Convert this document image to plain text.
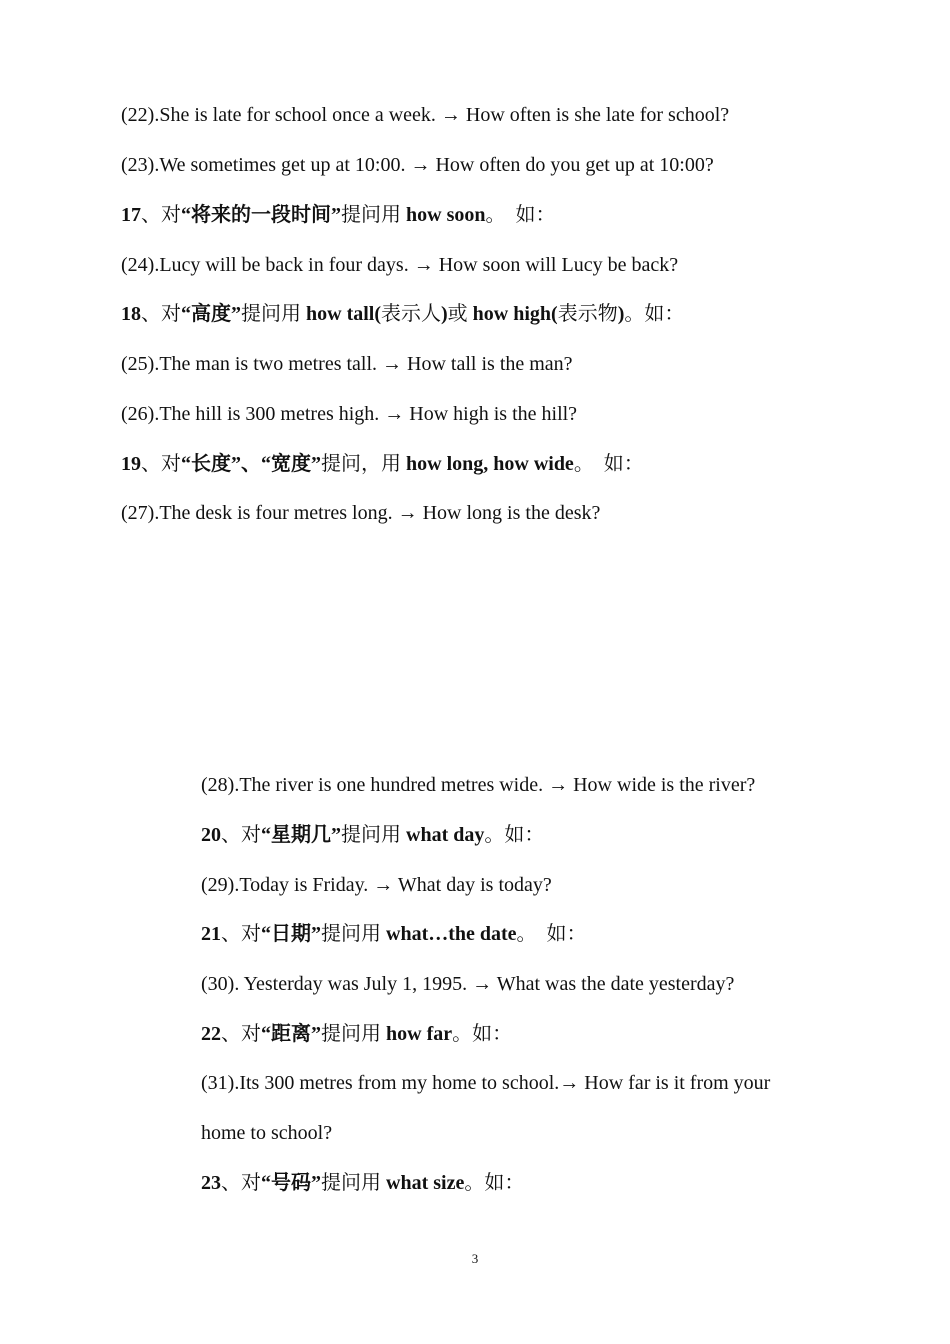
(22).She is late for school once a week. → How often is she late for school?
(23).We sometimes get up at 10:00. → How often do you get up at 10:00?
17、对“将来的一段时间”提问用 how soon。  如：
(24).Lucy will be back in four days. → How soon will Lucy be back?
18、对“高度”提问用 how tall(表示人)或 how high(表示物)。如：
(25).The man is two metres tall. → How tall is the man?
(26).The hill is 300 metres high. → How high is the hill?
19、对“长度”、“宽度”提问，用 how long, how wide。  如：
(27).The desk is four metres long. → How long is the desk?
(28).The river is one hundred metres wide. → How wide is the river?
20、对“星期几”提问用 what day。如：
(29).Today is Friday. → What day is today?
21、对“日期”提问用 what…the date。  如：
(30). Yesterday was July 1, 1995. → What was the date yesterday?
22、对“距离”提问用 how far。如：
(31).Its 300 metres from my home to school.→ How far is it from your
home to school?
23、对“号码”提问用 what size。如：
3
